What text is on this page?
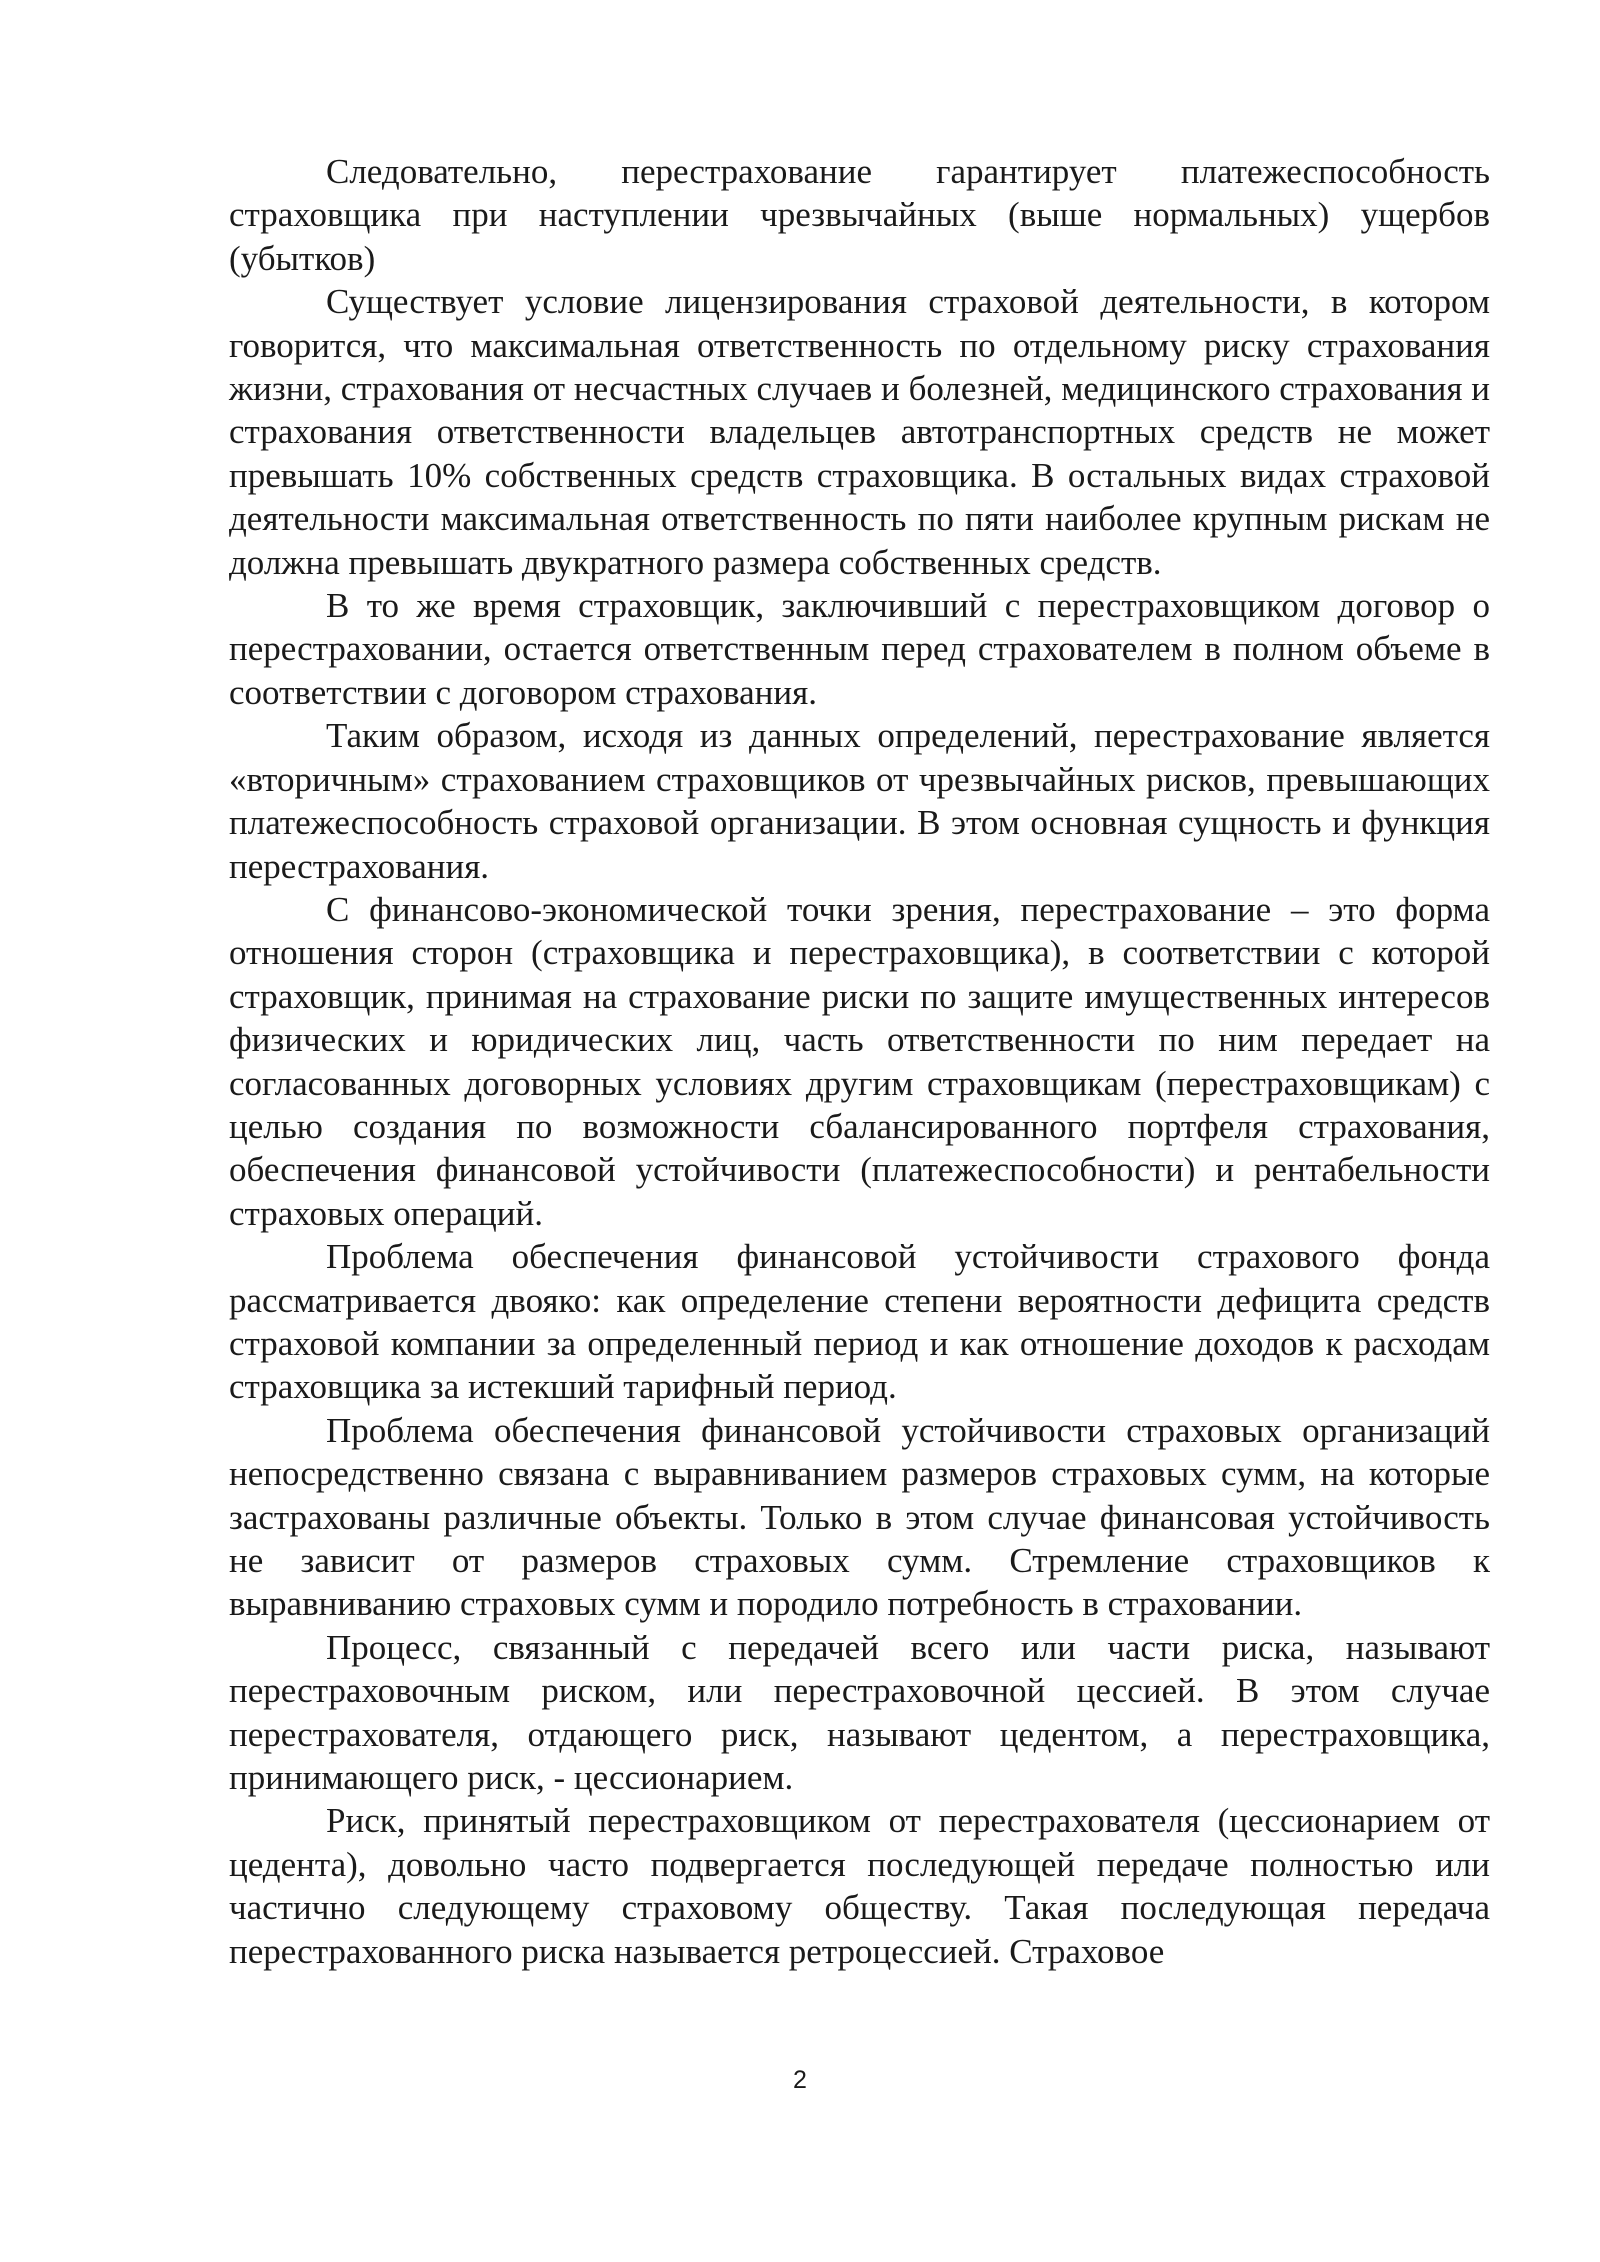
Следовательно, перестрахование гарантирует платежеспособность страховщика при наступлении чрезвычайных (выше нормальных) ущербов (убытков)

Существует условие лицензирования страховой деятельности, в котором говорится, что максимальная ответственность по отдельному риску страхования жизни, страхования от несчастных случаев и болезней, медицинского страхования и страхования ответственности владельцев автотранспортных средств не может превышать 10% собственных средств страховщика. В остальных видах страховой деятельности максимальная ответственность по пяти наиболее крупным рискам не должна превышать двукратного размера собственных средств.

В то же время страховщик, заключивший с перестраховщиком договор о перестраховании, остается ответственным перед страхователем в полном объеме в соответствии с договором страхования.

Таким образом, исходя из данных определений, перестрахование является «вторичным» страхованием страховщиков от чрезвычайных рисков, превышающих платежеспособность страховой организации. В этом основная сущность и функция перестрахования.

С финансово-экономической точки зрения, перестрахование – это форма отношения сторон (страховщика и перестраховщика), в соответствии с которой страховщик, принимая на страхование риски по защите имущественных интересов физических и юридических лиц, часть ответственности по ним передает на согласованных договорных условиях другим страховщикам (перестраховщикам) с целью создания по возможности сбалансированного портфеля страхования, обеспечения финансовой устойчивости (платежеспособности) и рентабельности страховых операций.

Проблема обеспечения финансовой устойчивости страхового фонда рассматривается двояко: как определение степени вероятности дефицита средств страховой компании за определенный период и как отношение доходов к расходам страховщика за истекший тарифный период.

Проблема обеспечения финансовой устойчивости страховых организаций непосредственно связана с выравниванием размеров страховых сумм, на которые застрахованы различные объекты. Только в этом случае финансовая устойчивость не зависит от размеров страховых сумм. Стремление страховщиков к выравниванию страховых сумм и породило потребность в страховании.

Процесс, связанный с передачей всего или части риска, называют перестраховочным риском, или перестраховочной цессией. В этом случае перестрахователя, отдающего риск, называют цедентом, а перестраховщика, принимающего риск, - цессионарием.

Риск, принятый перестраховщиком от перестрахователя (цессионарием от цедента), довольно часто подвергается последующей передаче полностью или частично следующему страховому обществу. Такая последующая передача перестрахованного риска называется ретроцессией. Страховое

2
